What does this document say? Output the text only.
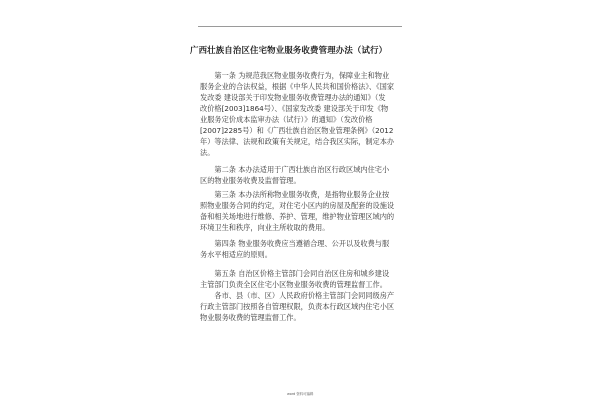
广西壮族自治区住宅物业服务收费管理办法（试行）
　　第一条 为规范我区物业服务收费行为，保障业主和物业
服务企业的合法权益，根据《中华人民共和国价格法》、《国家
发改委 建设部关于印发物业服务收费管理办法的通知》（发
改价格[2003]1864号）、《国家发改委 建设部关于印发《物
业服务定价成本监审办法（试行）》的通知》（发改价格
[2007]2285号）和《广西壮族自治区物业管理条例》（2012
年）等法律、法规和政策有关规定，结合我区实际，制定本办
法。
　　第二条 本办法适用于广西壮族自治区行政区域内住宅小
区的物业服务收费及监督管理。
　　第三条 本办法所称物业服务收费，是指物业服务企业按
照物业服务合同的约定，对住宅小区内的房屋及配套的设施设
备和相关场地进行维修、养护、管理，维护物业管理区域内的
环境卫生和秩序，向业主所收取的费用。
　　第四条 物业服务收费应当遵循合理、公开以及收费与服
务水平相适应的原则。
　　第五条 自治区价格主管部门会同自治区住房和城乡建设
主管部门负责全区住宅小区物业服务收费的管理监督工作。
　　各市、县（市、区）人民政府价格主管部门会同同级房产
行政主管部门按照各自管理权限，负责本行政区域内住宅小区
物业服务收费的管理监督工作。
word 资料可编辑
